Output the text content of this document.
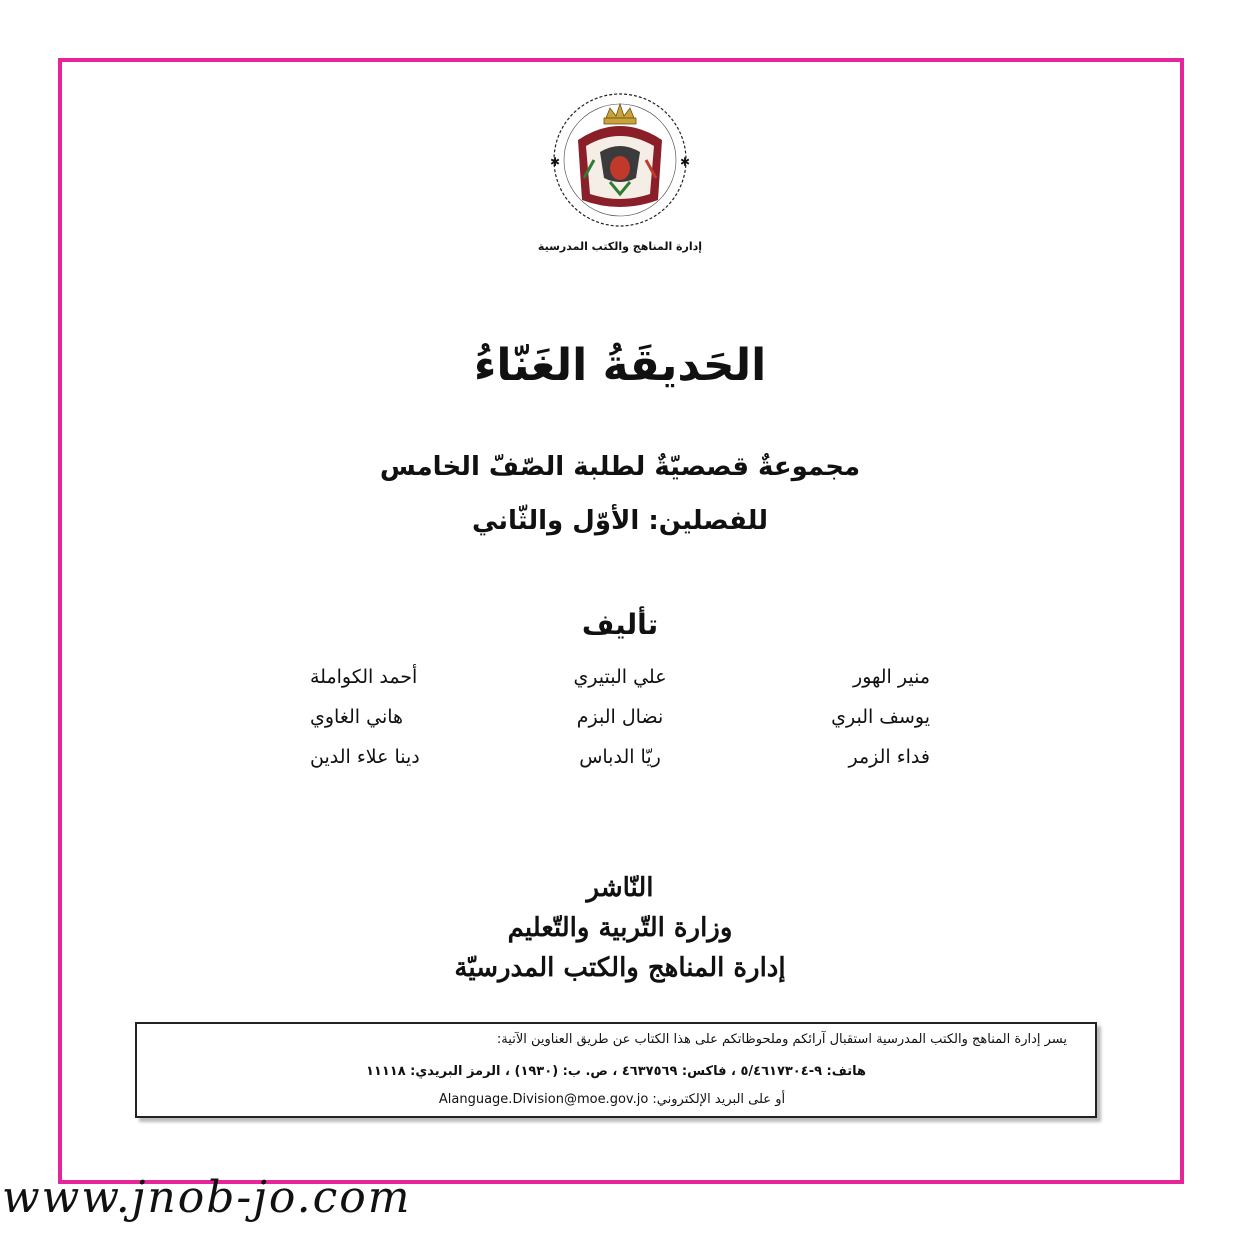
✱	✱
إدارة المناهج والكتب المدرسية
الحَديقَةُ الغَنّاءُ
مجموعةٌ قصصيّةٌ لطلبة الصّفّ الخامس
للفصلين: الأوّل والثّاني
تأليف
منير الهور
علي البتيري
أحمد الكواملة
يوسف البري
نضال البزم
هاني الغاوي
فداء الزمر
ريّا الدباس
دينا علاء الدين
النّاشر
وزارة التّربية والتّعليم
إدارة المناهج والكتب المدرسيّة
يسر إدارة المناهج والكتب المدرسية استقبال آرائكم وملحوظاتكم على هذا الكتاب عن طريق العناوين الآتية:
هاتف: ٩-٥/٤٦١٧٣٠٤ ، فاكس: ٤٦٣٧٥٦٩ ، ص. ب: (١٩٣٠) ، الرمز البريدي: ١١١١٨
أو على البريد الإلكتروني: Alanguage.Division@moe.gov.jo
www.jnob-jo.com
